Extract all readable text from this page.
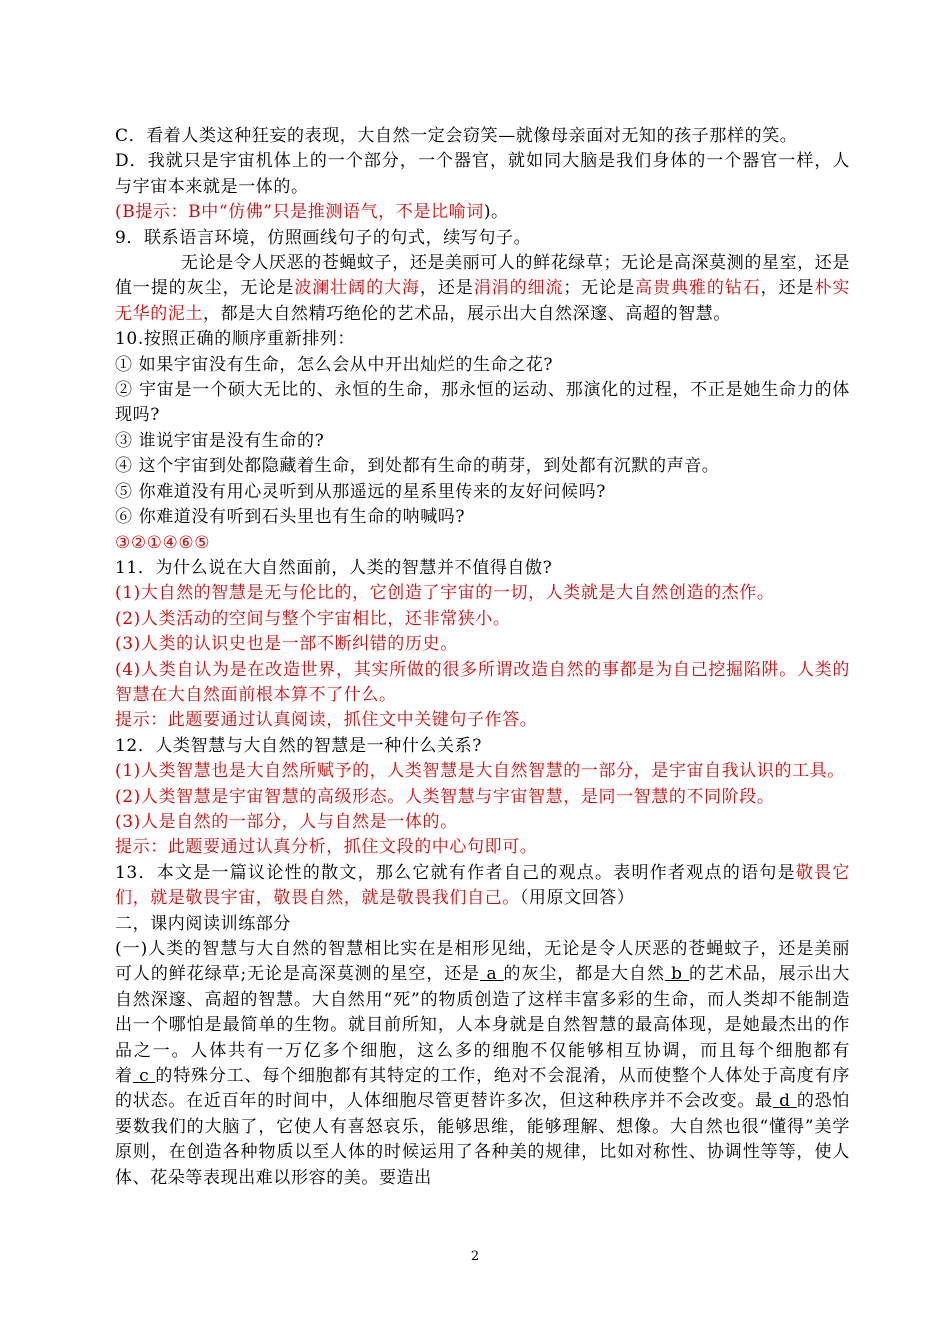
C．看着人类这种狂妄的表现，大自然一定会窃笑—就像母亲面对无知的孩子那样的笑。

D．我就只是宇宙机体上的一个部分，一个器官，就如同大脑是我们身体的一个器官一样，人与宇宙本来就是一体的。

(B提示：B中“仿佛”只是推测语气，不是比喻词)。

9．联系语言环境，仿照画线句子的句式，续写句子。

无论是令人厌恶的苍蝇蚊子，还是美丽可人的鲜花绿草；无论是高深莫测的星室，还是值一提的灰尘，无论是波澜壮阔的大海，还是涓涓的细流；无论是高贵典雅的钻石，还是朴实无华的泥土，都是大自然精巧绝伦的艺术品，展示出大自然深邃、高超的智慧。

10.按照正确的顺序重新排列：

① 如果宇宙没有生命，怎么会从中开出灿烂的生命之花?

② 宇宙是一个硕大无比的、永恒的生命，那永恒的运动、那演化的过程，不正是她生命力的体现吗?

③ 谁说宇宙是没有生命的?

④ 这个宇宙到处都隐藏着生命，到处都有生命的萌芽，到处都有沉默的声音。

⑤ 你难道没有用心灵听到从那遥远的星系里传来的友好问候吗?

⑥ 你难道没有听到石头里也有生命的呐喊吗?

③②①④⑥⑤

11．为什么说在大自然面前，人类的智慧并不值得自傲?

(1)大自然的智慧是无与伦比的，它创造了宇宙的一切，人类就是大自然创造的杰作。

(2)人类活动的空间与整个宇宙相比，还非常狭小。

(3)人类的认识史也是一部不断纠错的历史。

(4)人类自认为是在改造世界，其实所做的很多所谓改造自然的事都是为自己挖掘陷阱。人类的智慧在大自然面前根本算不了什么。

提示：此题要通过认真阅读，抓住文中关键句子作答。

12．人类智慧与大自然的智慧是一种什么关系?

(1)人类智慧也是大自然所赋予的，人类智慧是大自然智慧的一部分，是宇宙自我认识的工具。

(2)人类智慧是宇宙智慧的高级形态。人类智慧与宇宙智慧，是同一智慧的不同阶段。

(3)人是自然的一部分，人与自然是一体的。

提示：此题要通过认真分析，抓住文段的中心句即可。

13．本文是一篇议论性的散文，那么它就有作者自己的观点。表明作者观点的语句是敬畏它们，就是敬畏宇宙，敬畏自然，就是敬畏我们自己。（用原文回答）

二，课内阅读训练部分

(一)人类的智慧与大自然的智慧相比实在是相形见绌，无论是令人厌恶的苍蝇蚊子，还是美丽可人的鲜花绿草;无论是高深莫测的星空，还是 a 的灰尘，都是大自然 b 的艺术品，展示出大自然深邃、高超的智慧。大自然用“死”的物质创造了这样丰富多彩的生命，而人类却不能制造出一个哪怕是最简单的生物。就目前所知，人本身就是自然智慧的最高体现，是她最杰出的作品之一。人体共有一万亿多个细胞，这么多的细胞不仅能够相互协调，而且每个细胞都有着 c 的特殊分工、每个细胞都有其特定的工作，绝对不会混淆，从而使整个人体处于高度有序的状态。在近百年的时间中，人体细胞尽管更替许多次，但这种秩序并不会改变。最 d 的恐怕要数我们的大脑了，它使人有喜怒哀乐，能够思维，能够理解、想像。大自然也很“懂得”美学原则，在创造各种物质以至人体的时候运用了各种美的规律，比如对称性、协调性等等，使人体、花朵等表现出难以形容的美。要造出

2
